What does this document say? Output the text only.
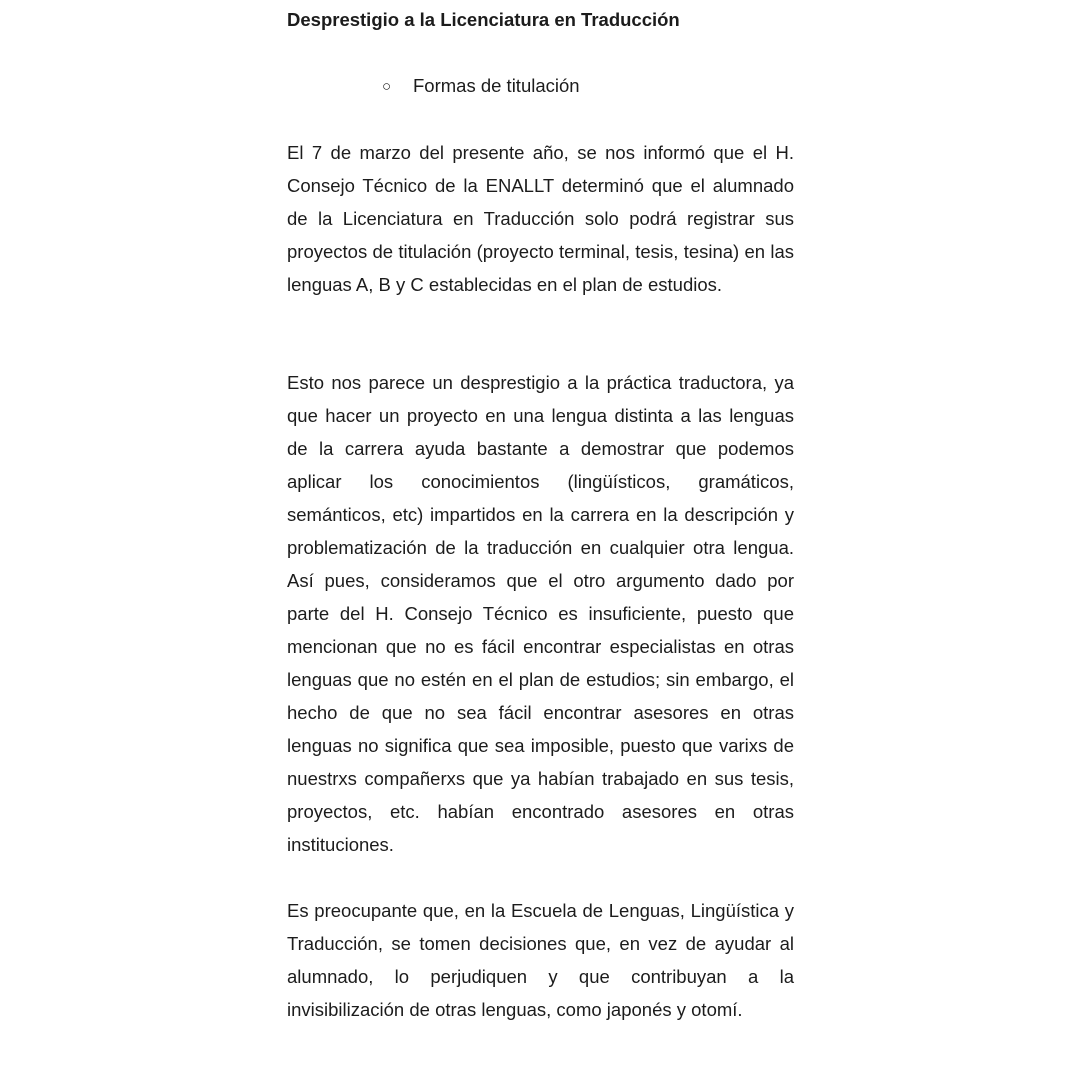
Desprestigio a la Licenciatura en Traducción
○ Formas de titulación

El 7 de marzo del presente año, se nos informó que el H. Consejo Técnico de la ENALLT determinó que el alumnado de la Licenciatura en Traducción solo podrá registrar sus proyectos de titulación (proyecto terminal, tesis, tesina) en las lenguas A, B y C establecidas en el plan de estudios.

Esto nos parece un desprestigio a la práctica traductora, ya que hacer un proyecto en una lengua distinta a las lenguas de la carrera ayuda bastante a demostrar que podemos aplicar los conocimientos (lingüísticos, gramáticos, semánticos, etc) impartidos en la carrera en la descripción y problematización de la traducción en cualquier otra lengua. Así pues, consideramos que el otro argumento dado por parte del H. Consejo Técnico es insuficiente, puesto que mencionan que no es fácil encontrar especialistas en otras lenguas que no estén en el plan de estudios; sin embargo, el hecho de que no sea fácil encontrar asesores en otras lenguas no significa que sea imposible, puesto que varixs de nuestrxs compañerxs que ya habían trabajado en sus tesis, proyectos, etc. habían encontrado asesores en otras instituciones.

Es preocupante que, en la Escuela de Lenguas, Lingüística y Traducción, se tomen decisiones que, en vez de ayudar al alumnado, lo perjudiquen y que contribuyan a la invisibilización de otras lenguas, como japonés y otomí.
